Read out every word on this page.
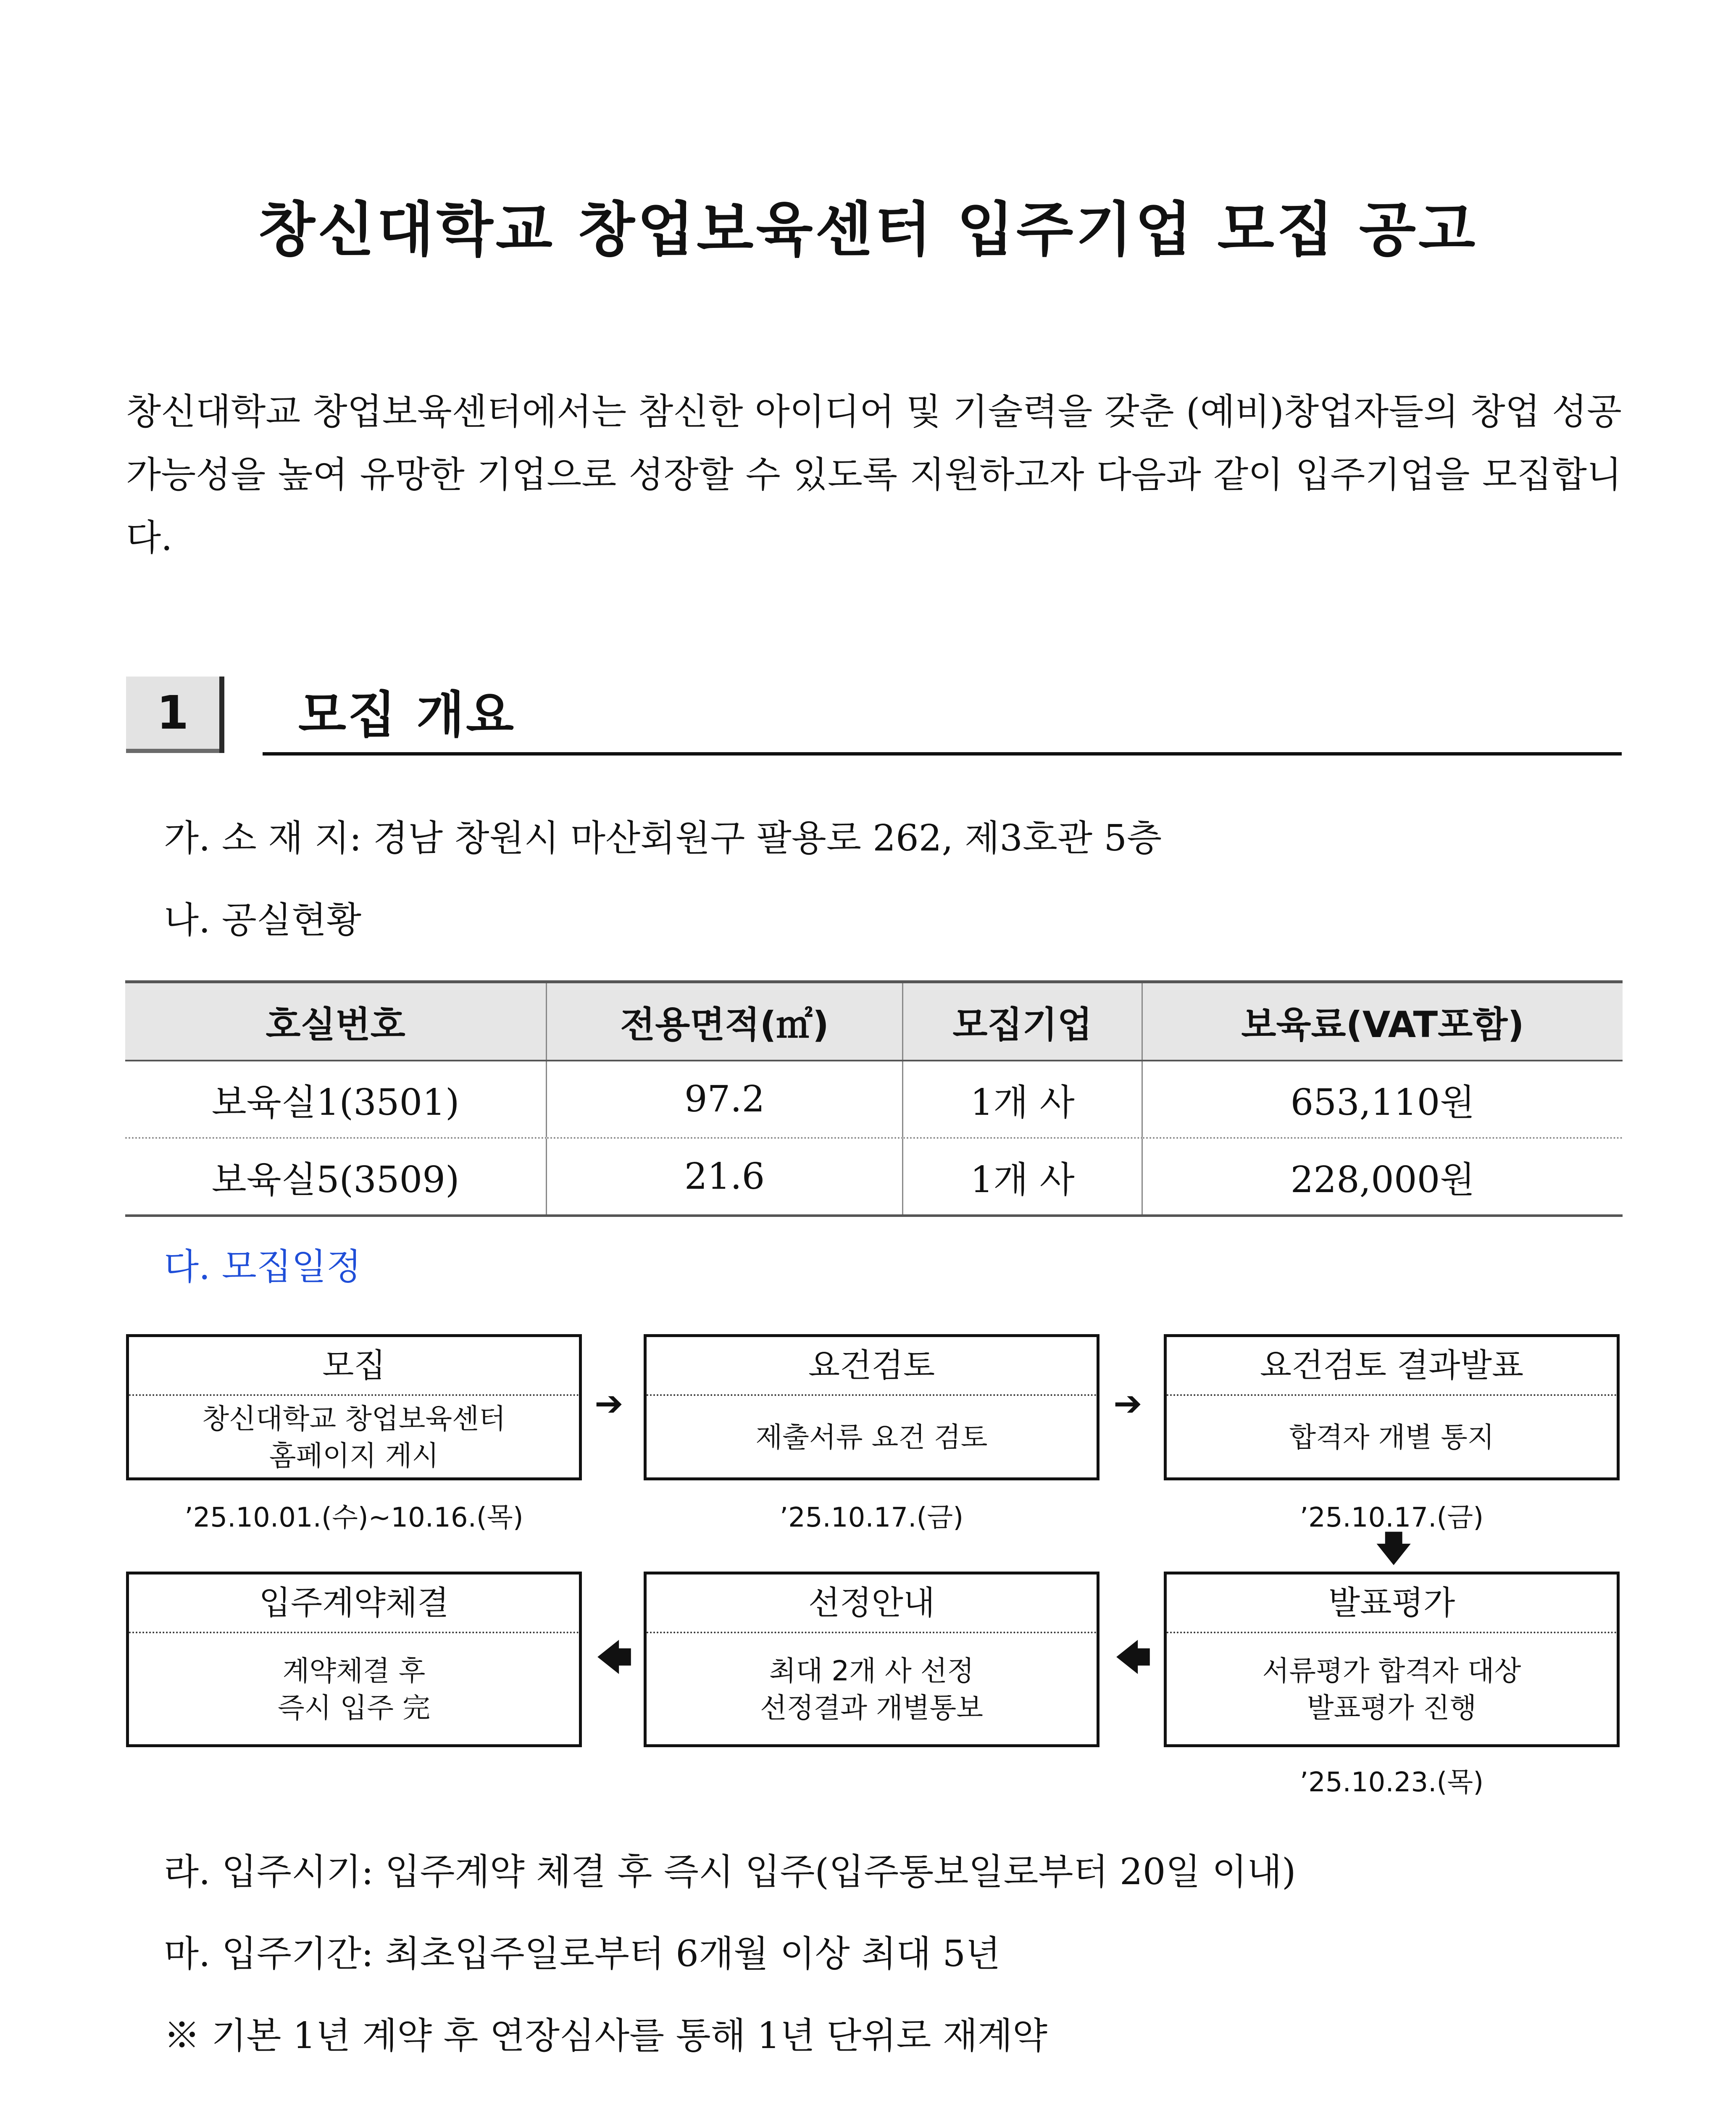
창신대학교 창업보육센터 입주기업 모집 공고

창신대학교 창업보육센터에서는 참신한 아이디어 및 기술력을 갖춘 (예비)창업자들의 창업 성공가능성을 높여 유망한 기업으로 성장할 수 있도록 지원하고자 다음과 같이 입주기업을 모집합니다.

1	모집 개요

가. 소 재 지: 경남 창원시 마산회원구 팔용로 262, 제3호관 5층

나. 공실현황

호실번호	전용면적(㎡)	모집기업	보육료(VAT포함)
보육실1(3501)	97.2	1개 사	653,110원
보육실5(3509)	21.6	1개 사	228,000원

다. 모집일정

모집
창신대학교 창업보육센터
홈페이지 게시
➔
요건검토
제출서류 요건 검토
➔
요건검토 결과발표
합격자 개별 통지
’25.10.01.(수)~10.16.(목)	’25.10.17.(금)	’25.10.17.(금)
🡇
입주계약체결
계약체결 후
즉시 입주 完
🡄
선정안내
최대 2개 사 선정
선정결과 개별통보
🡄
발표평가
서류평가 합격자 대상
발표평가 진행
’25.10.23.(목)

라. 입주시기: 입주계약 체결 후 즉시 입주(입주통보일로부터 20일 이내)

마. 입주기간: 최초입주일로부터 6개월 이상 최대 5년

※ 기본 1년 계약 후 연장심사를 통해 1년 단위로 재계약
